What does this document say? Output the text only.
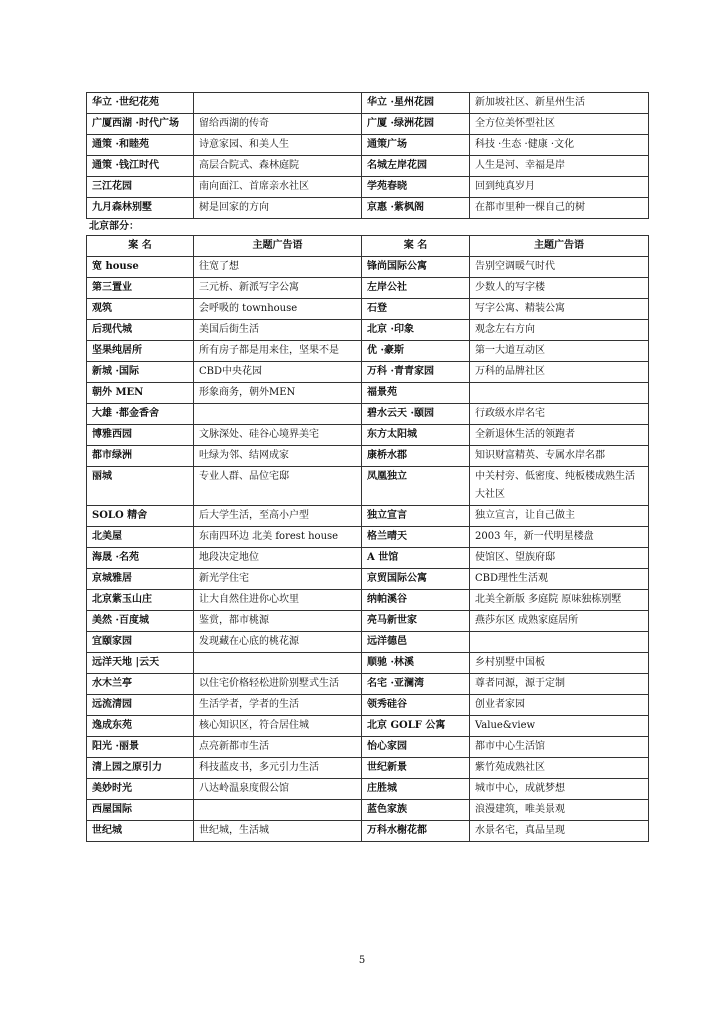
华立 ·世纪花苑		华立 ·星州花园	新加坡社区、新星州生活
广厦西湖 ·时代广场	留给西湖的传奇	广厦 ·绿洲花园	全方位美怀型社区
通策 ·和睦苑	诗意家园、和美人生	通策广场	科技 ·生态 ·健康 ·文化
通策 ·钱江时代	高层合院式、森林庭院	名城左岸花园	人生是河、幸福是岸
三江花园	南向面江、首席亲水社区	学苑春晓	回到纯真岁月
九月森林别墅	树是回家的方向	京惠 ·紫枫阁	在都市里种一棵自己的树
北京部分：
案 名	主题广告语	案 名	主题广告语
宽 house	往宽了想	锋尚国际公寓	告别空调暖气时代
第三置业	三元桥、新派写字公寓	左岸公社	少数人的写字楼
观筑	会呼吸的 townhouse	石登	写字公寓、精装公寓
后现代城	美国后街生活	北京 ·印象	观念左右方向
坚果纯居所	所有房子都是用来住，坚果不是	优 ·豪斯	第一大道互动区
新城 ·国际	CBD中央花园	万科 ·青青家园	万科的品牌社区
朝外 MEN	形象商务，朝外MEN	福景苑	
大雄 ·都金香舍		碧水云天 ·颐园	行政级水岸名宅
博雅西园	文脉深处、硅谷心境界美宅	东方太阳城	全新退休生活的领跑者
都市绿洲	吐绿为邻、结网成家	康桥水郡	知识财富精英、专属水岸名郡
丽城	专业人群、品位宅邸	凤凰独立	中关村旁、低密度、纯板楼成熟生活大社区
SOLO 精舍	后大学生活，至高小户型	独立宣言	独立宣言，让自己做主
北美屋	东南四环边 北美 forest house	格兰晴天	2003 年，新一代明星楼盘
海晟 ·名苑	地段决定地位	A 世馆	使馆区、望族府邸
京城雅居	新光学住宅	京贸国际公寓	CBD理性生活观
北京紫玉山庄	让大自然住进你心坎里	纳帕溪谷	北美全新版 多庭院 原味独栋别墅
美然 ·百度城	鉴赏，都市桃源	亮马新世家	燕莎东区 成熟家庭居所
宜颐家园	发现藏在心底的桃花源	远洋德邑	
远洋天地 |云天		顺驰 ·林溪	乡村别墅中国板
水木兰亭	以住宅价格轻松进阶别墅式生活	名宅 ·亚澜湾	尊者同源，源于定制
远流清园	生活学者，学者的生活	领秀硅谷	创业者家园
逸成东苑	核心知识区，符合居住城	北京 GOLF 公寓	Value&view
阳光 ·丽景	点亮新都市生活	怡心家园	都市中心生活馆
清上园之原引力	科技蓝皮书，多元引力生活	世纪新景	紫竹苑成熟社区
美妙时光	八达岭温泉度假公馆	庄胜城	城市中心，成就梦想
西屋国际		蓝色家族	浪漫建筑，唯美景观
世纪城	世纪城，生活城	万科水榭花都	水景名宅，真品呈现
5
